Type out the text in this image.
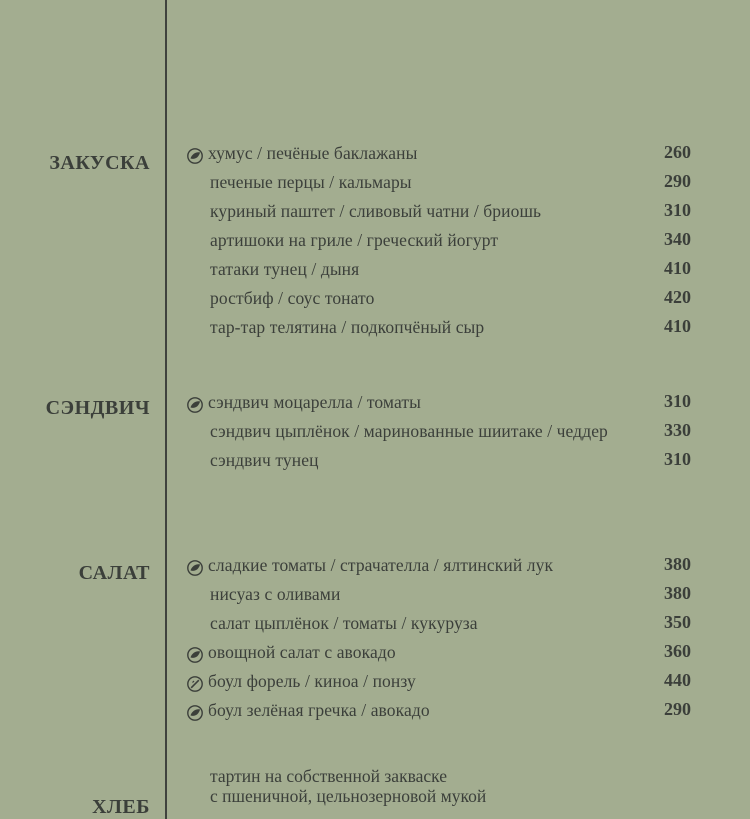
ЗАКУСКА	хумус / печёные баклажаны	260
печеные перцы / кальмары	290
куриный паштет / сливовый чатни / бриошь	310
артишоки на гриле / греческий йогурт	340
татаки тунец / дыня	410
ростбиф / соус тонато	420
тар-тар телятина / подкопчёный сыр	410
СЭНДВИЧ	сэндвич моцарелла / томаты	310
сэндвич цыплёнок / маринованные шиитаке / чеддер	330
сэндвич тунец	310
САЛАТ	сладкие томаты / страчателла / ялтинский лук	380
нисуаз с оливами	380
салат цыплёнок / томаты / кукуруза	350
овощной салат с авокадо	360
боул форель / киноа / понзу	440
боул зелёная гречка / авокадо	290
ХЛЕБ
тартин на собственной закваске
с пшеничной, цельнозерновой мукой
